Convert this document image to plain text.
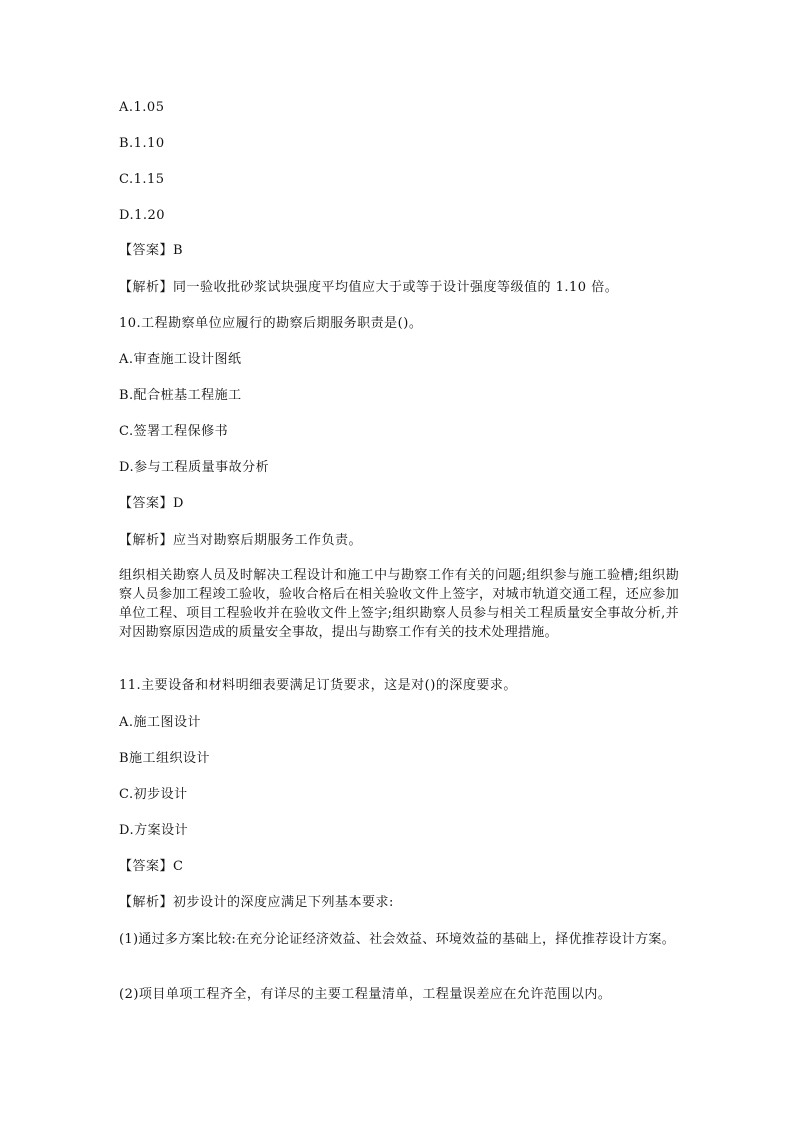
A.1.05
B.1.10
C.1.15
D.1.20
【答案】B
【解析】同一验收批砂浆试块强度平均值应大于或等于设计强度等级值的 1.10 倍。
10.工程勘察单位应履行的勘察后期服务职责是()。
A.审查施工设计图纸
B.配合桩基工程施工
C.签署工程保修书
D.参与工程质量事故分析
【答案】D
【解析】应当对勘察后期服务工作负责。
组织相关勘察人员及时解决工程设计和施工中与勘察工作有关的问题;组织参与施工验槽;组织勘察人员参加工程竣工验收，验收合格后在相关验收文件上签字，对城市轨道交通工程，还应参加单位工程、项目工程验收并在验收文件上签字;组织勘察人员参与相关工程质量安全事故分析,并对因勘察原因造成的质量安全事故，提出与勘察工作有关的技术处理措施。
11.主要设备和材料明细表要满足订货要求，这是对()的深度要求。
A.施工图设计
B施工组织设计
C.初步设计
D.方案设计
【答案】C
【解析】初步设计的深度应满足下列基本要求:
(1)通过多方案比较:在充分论证经济效益、社会效益、环境效益的基础上，择优推荐设计方案。
(2)项目单项工程齐全，有详尽的主要工程量清单，工程量误差应在允许范围以内。
